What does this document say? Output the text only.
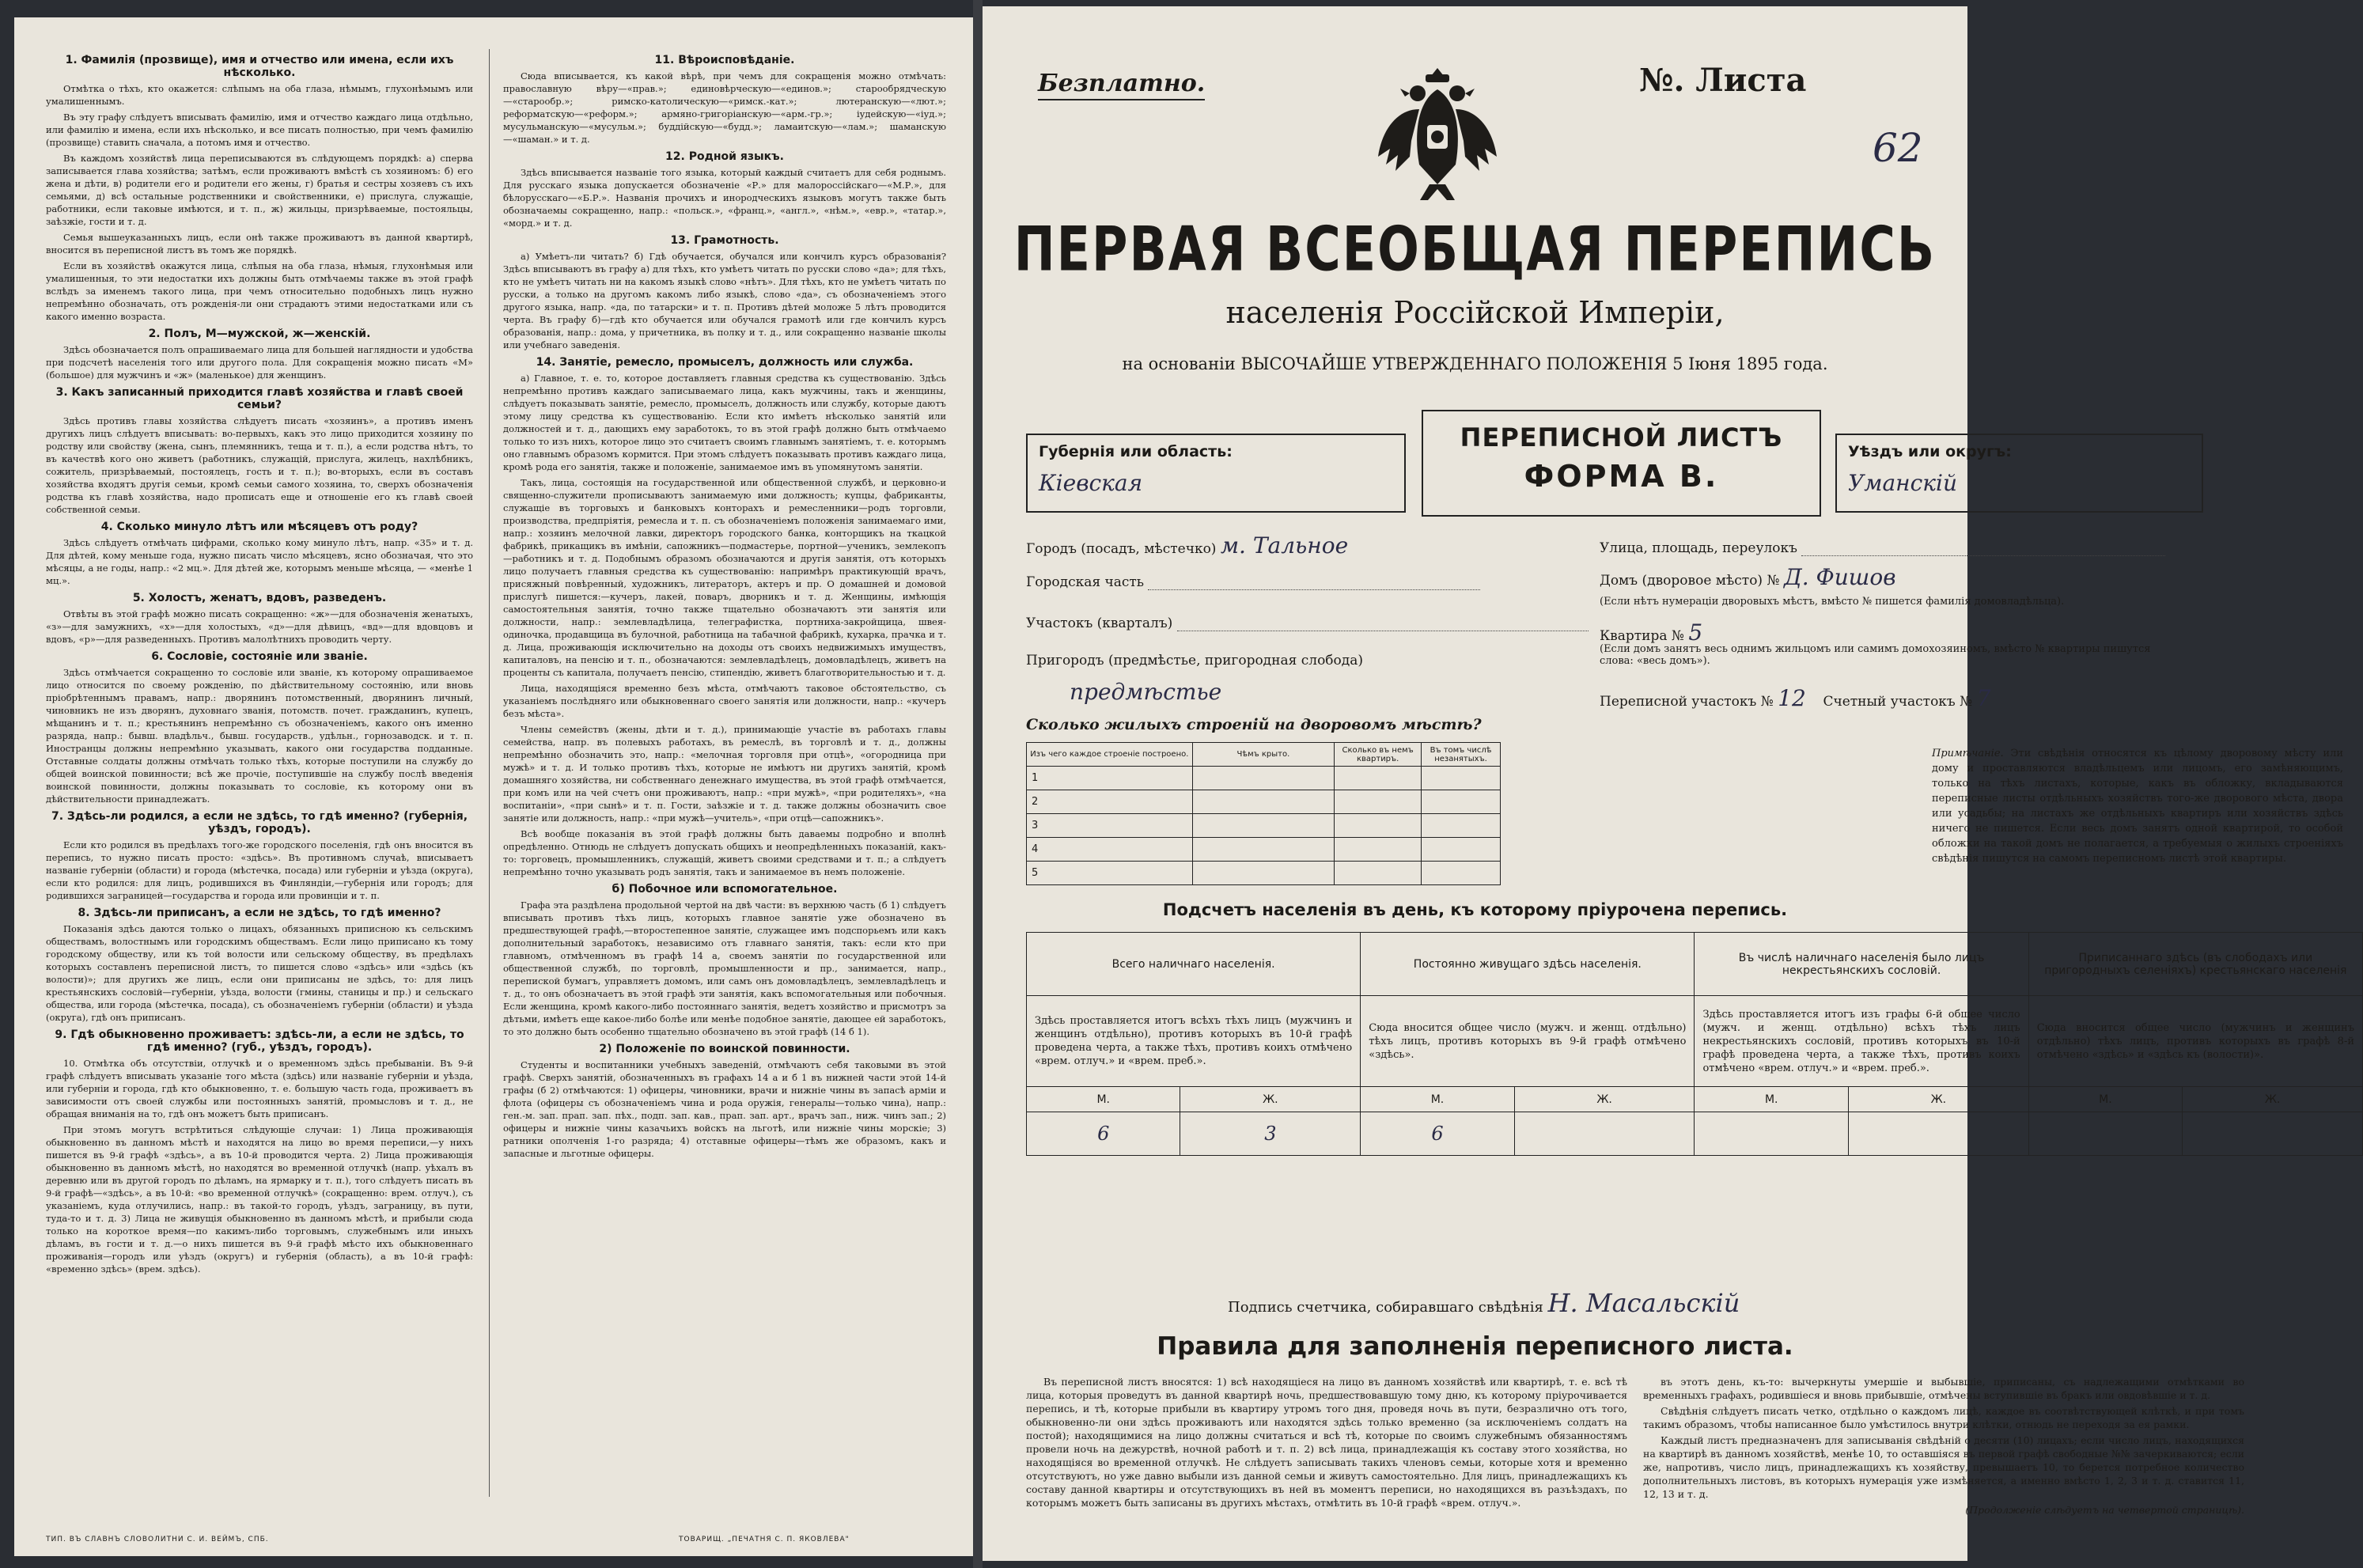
1. Фамилія (прозвище), имя и отчество или имена, если ихъ нѣсколько.

Отмѣтка о тѣхъ, кто окажется: слѣпымъ на оба глаза, нѣмымъ, глухонѣмымъ или умалишеннымъ.

Въ эту графу слѣдуетъ вписывать фамилію, имя и отчество каждаго лица отдѣльно, или фамилію и имена, если ихъ нѣсколько, и все писать полностью, при чемъ фамилію (прозвище) ставить сначала, а потомъ имя и отчество.

Въ каждомъ хозяйствѣ лица переписываются въ слѣдующемъ порядкѣ: а) сперва записывается глава хозяйства; затѣмъ, если проживаютъ вмѣстѣ съ хозяиномъ: б) его жена и дѣти, в) родители его и родители его жены, г) братья и сестры хозяевъ съ ихъ семьями, д) всѣ остальные родственники и свойственники, е) прислуга, служащіе, работники, если таковые имѣются, и т. п., ж) жильцы, призрѣваемые, постояльцы, заѣзжіе, гости и т. д.

Семья вышеуказанныхъ лицъ, если онѣ также проживаютъ въ данной квартирѣ, вносится въ переписной листъ въ томъ же порядкѣ.

Если въ хозяйствѣ окажутся лица, слѣпыя на оба глаза, нѣмыя, глухонѣмыя или умалишенныя, то эти недостатки ихъ должны быть отмѣчаемы также въ этой графѣ вслѣдъ за именемъ такого лица, при чемъ относительно подобныхъ лицъ нужно непремѣнно обозначать, отъ рожденія-ли они страдаютъ этими недостатками или съ какого именно возраста.

2. Полъ, М—мужской, ж—женскій.

Здѣсь обозначается полъ опрашиваемаго лица для большей наглядности и удобства при подсчетѣ населенія того или другого пола. Для сокращенія можно писать «М» (большое) для мужчинъ и «ж» (маленькое) для женщинъ.

3. Какъ записанный приходится главѣ хозяйства и главѣ своей семьи?

Здѣсь противъ главы хозяйства слѣдуетъ писать «хозяинъ», а противъ именъ другихъ лицъ слѣдуетъ вписывать: во-первыхъ, какъ это лицо приходится хозяину по родству или свойству (жена, сынъ, племянникъ, теща и т. п.), а если родства нѣтъ, то въ качествѣ кого оно живетъ (работникъ, служащій, прислуга, жилецъ, нахлѣбникъ, сожитель, призрѣваемый, постоялецъ, гость и т. п.); во-вторыхъ, если въ составъ хозяйства входятъ другія семьи, кромѣ семьи самого хозяина, то, сверхъ обозначенія родства къ главѣ хозяйства, надо прописать еще и отношеніе его къ главѣ своей собственной семьи.

4. Сколько минуло лѣтъ или мѣсяцевъ отъ роду?

Здѣсь слѣдуетъ отмѣчать цифрами, сколько кому минуло лѣтъ, напр. «35» и т. д. Для дѣтей, кому меньше года, нужно писать число мѣсяцевъ, ясно обозначая, что это мѣсяцы, а не годы, напр.: «2 мц.». Для дѣтей же, которымъ меньше мѣсяца, — «менѣе 1 мц.».

5. Холостъ, женатъ, вдовъ, разведенъ.

Отвѣты въ этой графѣ можно писать сокращенно: «ж»—для обозначенія женатыхъ, «з»—для замужнихъ, «х»—для холостыхъ, «д»—для дѣвицъ, «вд»—для вдовцовъ и вдовъ, «р»—для разведенныхъ. Противъ малолѣтнихъ проводить черту.

6. Сословіе, состояніе или званіе.

Здѣсь отмѣчается сокращенно то сословіе или званіе, къ которому опрашиваемое лицо относится по своему рожденію, по дѣйствительному состоянію, или вновь пріобрѣтеннымъ правамъ, напр.: дворянинъ потомственный, дворянинъ личный, чиновникъ не изъ дворянъ, духовнаго званія, потомств. почет. гражданинъ, купецъ, мѣщанинъ и т. п.; крестьянинъ непремѣнно съ обозначеніемъ, какого онъ именно разряда, напр.: бывш. владѣльч., бывш. государств., удѣльн., горнозаводск. и т. п. Иностранцы должны непремѣнно указывать, какого они государства подданные. Отставные солдаты должны отмѣчать только тѣхъ, которые поступили на службу до общей воинской повинности; всѣ же прочіе, поступившіе на службу послѣ введенія воинской повинности, должны показывать то сословіе, къ которому они въ дѣйствительности принадлежатъ.

7. Здѣсь-ли родился, а если не здѣсь, то гдѣ именно? (губернія, уѣздъ, городъ).

Если кто родился въ предѣлахъ того-же городского поселенія, гдѣ онъ вносится въ перепись, то нужно писать просто: «здѣсь». Въ противномъ случаѣ, вписываетъ названіе губерніи (области) и города (мѣстечка, посада) или губерніи и уѣзда (округа), если кто родился: для лицъ, родившихся въ Финляндіи,—губернія или городъ; для родившихся заграницей—государства и города или провинціи и т. п.

8. Здѣсь-ли приписанъ, а если не здѣсь, то гдѣ именно?

Показанія здѣсь даются только о лицахъ, обязанныхъ приписною къ сельскимъ обществамъ, волостнымъ или городскимъ обществамъ. Если лицо приписано къ тому городскому обществу, или къ той волости или сельскому обществу, въ предѣлахъ которыхъ составленъ переписной листъ, то пишется слово «здѣсь» или «здѣсь (къ волости)»; для другихъ же лицъ, если они приписаны не здѣсь, то: для лицъ крестьянскихъ сословій—губерніи, уѣзда, волости (гмины, станицы и пр.) и сельскаго общества, или города (мѣстечка, посада), съ обозначеніемъ губерніи (области) и уѣзда (округа), гдѣ онъ приписанъ.

9. Гдѣ обыкновенно проживаетъ: здѣсь-ли, а если не здѣсь, то гдѣ именно? (губ., уѣздъ, городъ).

10. Отмѣтка объ отсутствіи, отлучкѣ и о временномъ здѣсь пребываніи. Въ 9-й графѣ слѣдуетъ вписывать указаніе того мѣста (здѣсь) или названіе губерніи и уѣзда, или губерніи и города, гдѣ кто обыкновенно, т. е. большую часть года, проживаетъ въ зависимости отъ своей службы или постоянныхъ занятій, промысловъ и т. д., не обращая вниманія на то, гдѣ онъ можетъ быть приписанъ.

При этомъ могутъ встрѣтиться слѣдующіе случаи: 1) Лица проживающія обыкновенно въ данномъ мѣстѣ и находятся на лицо во время переписи,—у нихъ пишется въ 9-й графѣ «здѣсь», а въ 10-й проводится черта. 2) Лица проживающія обыкновенно въ данномъ мѣстѣ, но находятся во временной отлучкѣ (напр. уѣхалъ въ деревню или въ другой городъ по дѣламъ, на ярмарку и т. п.), того слѣдуетъ писать въ 9-й графѣ—«здѣсь», а въ 10-й: «во временной отлучкѣ» (сокращенно: врем. отлуч.), съ указаніемъ, куда отлучились, напр.: въ такой-то городъ, уѣздъ, заграницу, въ пути, туда-то и т. д. 3) Лица не живущія обыкновенно въ данномъ мѣстѣ, и прибыли сюда только на короткое время—по какимъ-либо торговымъ, служебнымъ или иныхъ дѣламъ, въ гости и т. д.—о нихъ пишется въ 9-й графѣ мѣсто ихъ обыкновеннаго проживанія—городъ или уѣздъ (округъ) и губернія (область), а въ 10-й графѣ: «временно здѣсь» (врем. здѣсь).

11. Вѣроисповѣданіе.

Сюда вписывается, къ какой вѣрѣ, при чемъ для сокращенія можно отмѣчать: православную вѣру—«прав.»; единовѣрческую—«единов.»; старообрядческую—«старообр.»; римско-католическую—«римск.-кат.»; лютеранскую—«лют.»; реформатскую—«реформ.»; армяно-григоріанскую—«арм.-гр.»; іудейскую—«іуд.»; мусульманскую—«мусульм.»; буддійскую—«будд.»; ламаитскую—«лам.»; шаманскую—«шаман.» и т. д.

12. Родной языкъ.

Здѣсь вписывается названіе того языка, который каждый считаетъ для себя роднымъ. Для русскаго языка допускается обозначеніе «Р.» для малороссійскаго—«М.Р.», для бѣлорусскаго—«Б.Р.». Названія прочихъ и инородческихъ языковъ могутъ также быть обозначаемы сокращенно, напр.: «польск.», «франц.», «англ.», «нѣм.», «евр.», «татар.», «морд.» и т. д.

13. Грамотность.

а) Умѣетъ-ли читать? б) Гдѣ обучается, обучался или кончилъ курсъ образованія? Здѣсь вписываютъ въ графу а) для тѣхъ, кто умѣетъ читать по русски слово «да»; для тѣхъ, кто не умѣетъ читать ни на какомъ языкѣ слово «нѣтъ». Для тѣхъ, кто не умѣетъ читать по русски, а только на другомъ какомъ либо языкѣ, слово «да», съ обозначеніемъ этого другого языка, напр. «да, по татарски» и т. п. Противъ дѣтей моложе 5 лѣтъ проводится черта. Въ графу б)—гдѣ кто обучается или обучался грамотѣ или где кончилъ курсъ образованія, напр.: дома, у причетника, въ полку и т. д., или сокращенно названіе школы или учебнаго заведенія.

14. Занятіе, ремесло, промыселъ, должность или служба.

а) Главное, т. е. то, которое доставляетъ главныя средства къ существованію. Здѣсь непремѣнно противъ каждаго записываемаго лица, какъ мужчины, такъ и женщины, слѣдуетъ показывать занятіе, ремесло, промыселъ, должность или службу, которые даютъ этому лицу средства къ существованію. Если кто имѣетъ нѣсколько занятій или должностей и т. д., дающихъ ему заработокъ, то въ этой графѣ должно быть отмѣчаемо только то изъ нихъ, которое лицо это считаетъ своимъ главнымъ занятіемъ, т. е. которымъ оно главнымъ образомъ кормится. При этомъ слѣдуетъ показывать противъ каждаго лица, кромѣ рода его занятія, также и положеніе, занимаемое имъ въ упомянутомъ занятіи.

Такъ, лица, состоящія на государственной или общественной службѣ, и церковно-и священно-служители прописываютъ занимаемую ими должность; купцы, фабриканты, служащіе въ торговыхъ и банковыхъ конторахъ и ремесленники—родъ торговли, производства, предпріятія, ремесла и т. п. съ обозначеніемъ положенія занимаемаго ими, напр.: хозяинъ мелочной лавки, директоръ городского банка, конторщикъ на ткацкой фабрикѣ, прикащикъ въ имѣніи, сапожникъ—подмастерье, портной—ученикъ, землекопъ—работникъ и т. д. Подобнымъ образомъ обозначаются и другія занятія, отъ которыхъ лицо получаетъ главныя средства къ существованію: напримѣръ практикующій врачъ, присяжный повѣренный, художникъ, литераторъ, актеръ и пр. О домашней и домовой прислугѣ пишется:—кучеръ, лакей, поваръ, дворникъ и т. д. Женщины, имѣющія самостоятельныя занятія, точно также тщательно обозначаютъ эти занятія или должности, напр.: землевладѣлица, телеграфистка, портниха-закройщица, швея-одиночка, продавщица въ булочной, работница на табачной фабрикѣ, кухарка, прачка и т. д. Лица, проживающія исключительно на доходы отъ своихъ недвижимыхъ имуществъ, капиталовъ, на пенсію и т. п., обозначаются: землевладѣлецъ, домовладѣлецъ, живетъ на проценты съ капитала, получаетъ пенсію, стипендію, живетъ благотворительностью и т. д.

Лица, находящіяся временно безъ мѣста, отмѣчаютъ таковое обстоятельство, съ указаніемъ послѣдняго или обыкновеннаго своего занятія или должности, напр.: «кучеръ безъ мѣста».

Члены семействъ (жены, дѣти и т. д.), принимающіе участіе въ работахъ главы семейства, напр. въ полевыхъ работахъ, въ ремеслѣ, въ торговлѣ и т. д., должны непремѣнно обозначить это, напр.: «мелочная торговля при отцѣ», «огородница при мужѣ» и т. д. И только противъ тѣхъ, которые не имѣютъ ни другихъ занятій, кромѣ домашняго хозяйства, ни собственнаго денежнаго имущества, въ этой графѣ отмѣчается, при комъ или на чей счетъ они проживаютъ, напр.: «при мужѣ», «при родителяхъ», «на воспитаніи», «при сынѣ» и т. п. Гости, заѣзжіе и т. д. также должны обозначить свое занятіе или должность, напр.: «при мужѣ—учитель», «при отцѣ—сапожникъ».

Всѣ вообще показанія въ этой графѣ должны быть даваемы подробно и вполнѣ опредѣленно. Отнюдь не слѣдуетъ допускать общихъ и неопредѣленныхъ показаній, какъ-то: торговецъ, промышленникъ, служащій, живетъ своими средствами и т. п.; а слѣдуетъ непремѣнно точно указывать родъ занятія, такъ и занимаемое въ немъ положеніе.

б) Побочное или вспомогательное.

Графа эта раздѣлена продольной чертой на двѣ части: въ верхнюю часть (б 1) слѣдуетъ вписывать противъ тѣхъ лицъ, которыхъ главное занятіе уже обозначено въ предшествующей графѣ,—второстепенное занятіе, служащее имъ подспорьемъ или какъ дополнительный заработокъ, независимо отъ главнаго занятія, такъ: если кто при главномъ, отмѣченномъ въ графѣ 14 а, своемъ занятіи по государственной или общественной службѣ, по торговлѣ, промышленности и пр., занимается, напр., перепиской бумагъ, управляетъ домомъ, или самъ онъ домовладѣлецъ, землевладѣлецъ и т. д., то онъ обозначаетъ въ этой графѣ эти занятія, какъ вспомогательныя или побочныя. Если женщина, кромѣ какого-либо постояннаго занятія, ведетъ хозяйство и присмотръ за дѣтьми, имѣетъ еще какое-либо болѣе или менѣе подобное занятіе, дающее ей заработокъ, то это должно быть особенно тщательно обозначено въ этой графѣ (14 б 1).

2) Положеніе по воинской повинности.

Студенты и воспитанники учебныхъ заведеній, отмѣчаютъ себя таковыми въ этой графѣ. Сверхъ занятій, обозначенныхъ въ графахъ 14 а и б 1 въ нижней части этой 14-й графы (б 2) отмѣчаются: 1) офицеры, чиновники, врачи и нижніе чины въ запасѣ арміи и флота (офицеры съ обозначеніемъ чина и рода оружія, генералы—только чина), напр.: ген.-м. зап. прап. зап. пѣх., подп. зап. кав., прап. зап. арт., врачъ зап., ниж. чинъ зап.; 2) офицеры и нижніе чины казачьихъ войскъ на льготѣ, или нижніе чины морскіе; 3) ратники ополченія 1-го разряда; 4) отставные офицеры—тѣмъ же образомъ, какъ и запасные и льготные офицеры.

ТИП. ВЪ СЛАВНЪ СЛОВОЛИТНИ С. И. ВЕЙМЪ, СПБ.	ТОВАРИЩ. „ПЕЧАТНЯ С. П. ЯКОВЛЕВА"
Безплатно.	№. Листа
62
ПЕРВАЯ ВСЕОБЩАЯ ПЕРЕПИСЬ
населенія Россійской Имперіи,
на основаніи ВЫСОЧАЙШЕ УТВЕРЖДЕННАГО ПОЛОЖЕНІЯ 5 Іюня 1895 года.
Губернія или область:
Кіевская
ПЕРЕПИСНОЙ ЛИСТЪ
ФОРМА В.
Уѣздъ или округъ:
Уманскій
Городъ (посадъ, мѣстечко) м. Тальное	Улица, площадь, переулокъ
Городская часть	Домъ (дворовое мѣсто) № Д. Фишов
(Если нѣтъ нумераціи дворовыхъ мѣстъ, вмѣсто № пишется фамилія домовладѣльца).
Участокъ (кварталъ)
Квартира № 5
(Если домъ занятъ весь однимъ жильцомъ или самимъ домохозяиномъ, вмѣсто № квартиры пишутся слова: «весь домъ»).
Пригородъ (предмѣстье, пригородная слобода)
предмѣстье	Переписной участокъ № 12 Счетный участокъ № 7
Сколько жилыхъ строеній на дворовомъ мѣстѣ?
Изъ чего каждое строеніе построено.	Чѣмъ крыто.	Сколько въ немъ квартиръ.	Въ томъ числѣ незанятыхъ.
1			
2			
3			
4			
5			
Примѣчаніе. Эти свѣдѣнія относятся къ цѣлому дворовому мѣсту или дому и проставляются владѣльцемъ или лицомъ, его замѣняющимъ, только на тѣхъ листахъ, которые, какъ въ обложку, вкладываются переписные листы отдѣльныхъ хозяйствъ того-же дворового мѣста, двора или усадьбы; на листахъ же отдѣльныхъ квартиръ или хозяйствъ здѣсь ничего не пишется. Если весь домъ занятъ одной квартирой, то особой обложки на такой домъ не полагается, а требуемыя о жилыхъ строеніяхъ свѣдѣнія пишутся на самомъ переписномъ листѣ этой квартиры.
Подсчетъ населенія въ день, къ которому пріурочена перепись.
Всего наличнаго населенія.		Постоянно живущаго здѣсь населенія.		Въ числѣ наличнаго населенія было лицъ некрестьянскихъ сословій.		Приписаннаго здѣсь (въ слободахъ или пригородныхъ селеніяхъ) крестьянскаго населенія	
Здѣсь проставляется итогъ всѣхъ тѣхъ лицъ (мужчинъ и женщинъ отдѣльно), противъ которыхъ въ 10-й графѣ проведена черта, а также тѣхъ, противъ коихъ отмѣчено «врем. отлуч.» и «врем. преб.».		Сюда вносится общее число (мужч. и женщ. отдѣльно) тѣхъ лицъ, противъ которыхъ въ 9-й графѣ отмѣчено «здѣсь».		Здѣсь проставляется итогъ изъ графы 6-й общее число (мужч. и женщ. отдѣльно) всѣхъ тѣхъ лицъ некрестьянскихъ сословій, противъ которыхъ въ 10-й графѣ проведена черта, а также тѣхъ, противъ коихъ отмѣчено «врем. отлуч.» и «врем. преб.».		Сюда вносится общее число (мужчинъ и женщинъ отдѣльно) тѣхъ лицъ, противъ которыхъ въ графѣ 8-й отмѣчено «здѣсь» и «здѣсь къ (волости)».	
М.	Ж.	М.	Ж.	М.	Ж.	М.	Ж.
6	3	6					
Подпись счетчика, собиравшаго свѣдѣнія Н. Масальскій
Правила для заполненія переписного листа.

Въ переписной листъ вносятся: 1) всѣ находящіеся на лицо въ данномъ хозяйствѣ или квартирѣ, т. е. всѣ тѣ лица, которыя проведутъ въ данной квартирѣ ночь, предшествовавшую тому дню, къ которому пріурочивается перепись, и тѣ, которые прибыли въ квартиру утромъ того дня, проведя ночь въ пути, безразлично отъ того, обыкновенно-ли они здѣсь проживаютъ или находятся здѣсь только временно (за исключеніемъ солдатъ на постой); находящимися на лицо должны считаться и всѣ тѣ, которые по своимъ служебнымъ обязанностямъ провели ночь на дежурствѣ, ночной работѣ и т. п. 2) всѣ лица, принадлежащія къ составу этого хозяйства, но находящіяся во временной отлучкѣ. Не слѣдуетъ записывать такихъ членовъ семьи, которые хотя и временно отсутствуютъ, но уже давно выбыли изъ данной семьи и живутъ самостоятельно. Для лицъ, принадлежащихъ къ составу данной квартиры и отсутствующихъ въ ней въ моментъ переписи, но находящихся въ разъѣздахъ, по которымъ можетъ быть записаны въ другихъ мѣстахъ, отмѣтить въ 10-й графѣ «врем. отлуч.».

въ этотъ день, къ-то: вычеркнуты умершіе и выбывшіе, приписаны, съ надлежащими отмѣтками во временныхъ графахъ, родившіеся и вновь прибывшіе, отмѣчены вступившіе въ бракъ или овдовѣвшіе и т. д.

Свѣдѣнія слѣдуетъ писать четко, отдѣльно о каждомъ лицѣ, каждое въ соотвѣтствующей клѣткѣ, и при томъ такимъ образомъ, чтобы написанное было умѣстилось внутри клѣтки, отнюдь не переходя за ея рамки.

Каждый листъ предназначенъ для записыванія свѣдѣній о десяти (10) лицахъ; если число лицъ, находящихся на квартирѣ въ данномъ хозяйствѣ, менѣе 10, то оставшіяся въ первой графѣ свободные №№ зачеркиваются; если же, напротивъ, число лицъ, принадлежащихъ къ хозяйству, превышаетъ 10, то берется потребное количество дополнительныхъ листовъ, въ которыхъ нумерація уже измѣняется, а именно вмѣсто 1, 2, 3 и т. д. ставится 11, 12, 13 и т. д.

(Продолженіе слѣдуетъ на четвертой страницѣ).
